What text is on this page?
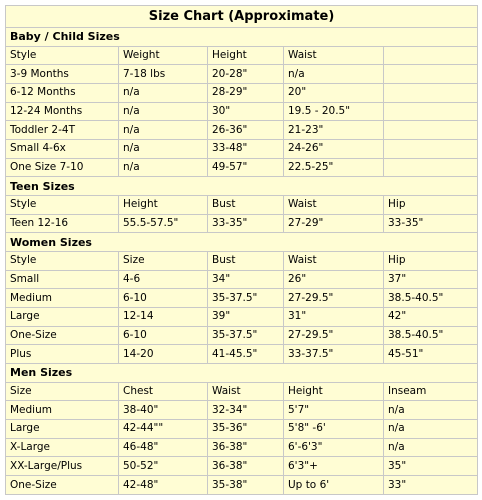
Size Chart (Approximate)				
Baby / Child Sizes				
Style	Weight	Height	Waist	
3-9 Months	7-18 lbs	20-28"	n/a	
6-12 Months	n/a	28-29"	20"	
12-24 Months	n/a	30"	19.5 - 20.5"	
Toddler 2-4T	n/a	26-36"	21-23"	
Small 4-6x	n/a	33-48"	24-26"	
One Size 7-10	n/a	49-57"	22.5-25"	
Teen Sizes				
Style	Height	Bust	Waist	Hip
Teen 12-16	55.5-57.5"	33-35"	27-29"	33-35"
Women Sizes				
Style	Size	Bust	Waist	Hip
Small	4-6	34"	26"	37"
Medium	6-10	35-37.5"	27-29.5"	38.5-40.5"
Large	12-14	39"	31"	42"
One-Size	6-10	35-37.5"	27-29.5"	38.5-40.5"
Plus	14-20	41-45.5"	33-37.5"	45-51"
Men Sizes				
Size	Chest	Waist	Height	Inseam
Medium	38-40"	32-34"	5'7"	n/a
Large	42-44""	35-36"	5'8" -6'	n/a
X-Large	46-48"	36-38"	6'-6'3"	n/a
XX-Large/Plus	50-52"	36-38"	6'3"+	35"
One-Size	42-48"	35-38"	Up to 6'	33"
